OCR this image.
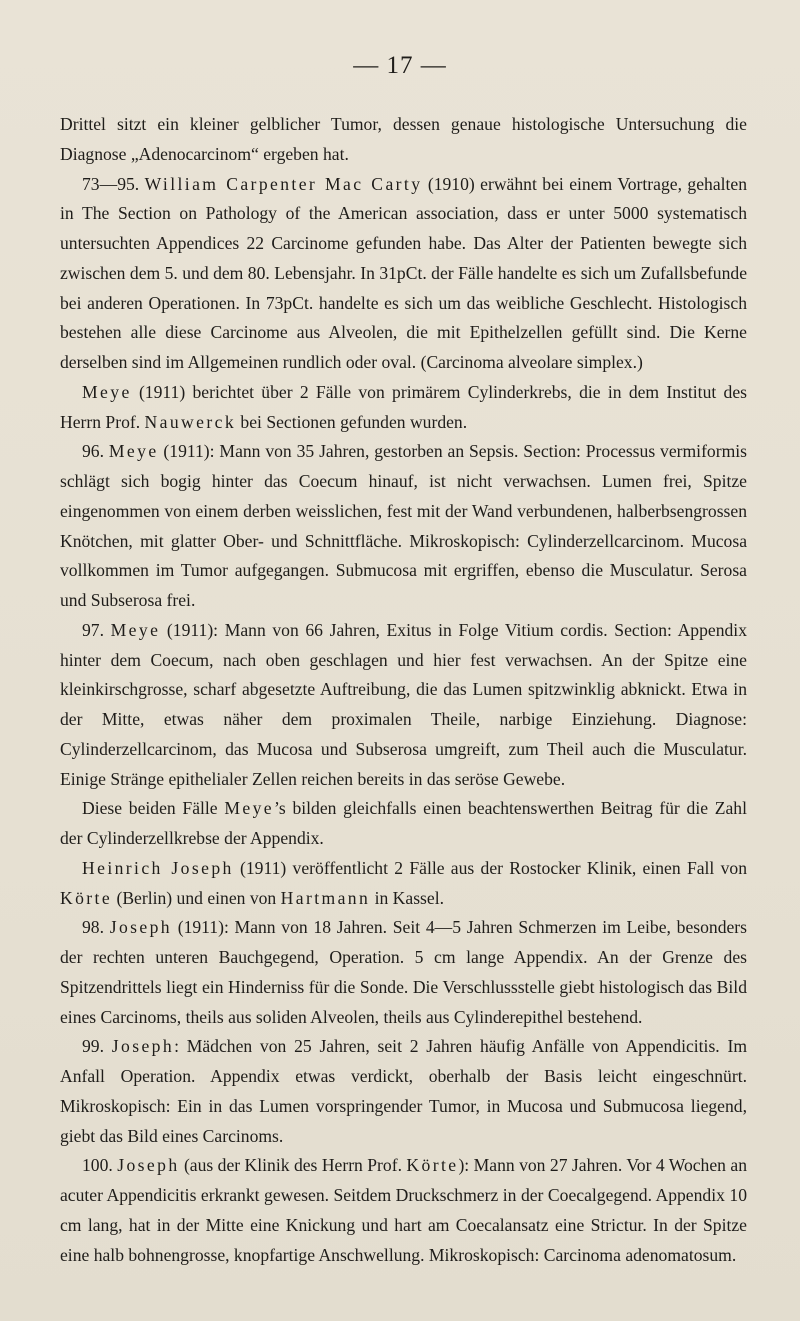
— 17 —

Drittel sitzt ein kleiner gelblicher Tumor, dessen genaue histologische Untersuchung die Diagnose „Adenocarcinom“ ergeben hat.

73—95. William Carpenter Mac Carty (1910) erwähnt bei einem Vortrage, gehalten in The Section on Pathology of the American association, dass er unter 5000 systematisch untersuchten Appendices 22 Carcinome gefunden habe. Das Alter der Patienten bewegte sich zwischen dem 5. und dem 80. Lebensjahr. In 31pCt. der Fälle handelte es sich um Zufallsbefunde bei anderen Operationen. In 73pCt. handelte es sich um das weibliche Geschlecht. Histologisch bestehen alle diese Carcinome aus Alveolen, die mit Epithelzellen gefüllt sind. Die Kerne derselben sind im Allgemeinen rundlich oder oval. (Carcinoma alveolare simplex.)

Meye (1911) berichtet über 2 Fälle von primärem Cylinderkrebs, die in dem Institut des Herrn Prof. Nauwerck bei Sectionen gefunden wurden.

96. Meye (1911): Mann von 35 Jahren, gestorben an Sepsis. Section: Processus vermiformis schlägt sich bogig hinter das Coecum hinauf, ist nicht verwachsen. Lumen frei, Spitze eingenommen von einem derben weisslichen, fest mit der Wand verbundenen, halberbsengrossen Knötchen, mit glatter Ober- und Schnittfläche. Mikroskopisch: Cylinderzellcarcinom. Mucosa vollkommen im Tumor aufgegangen. Submucosa mit ergriffen, ebenso die Musculatur. Serosa und Subserosa frei.

97. Meye (1911): Mann von 66 Jahren, Exitus in Folge Vitium cordis. Section: Appendix hinter dem Coecum, nach oben geschlagen und hier fest verwachsen. An der Spitze eine kleinkirschgrosse, scharf abgesetzte Auftreibung, die das Lumen spitzwinklig abknickt. Etwa in der Mitte, etwas näher dem proximalen Theile, narbige Einziehung. Diagnose: Cylinderzellcarcinom, das Mucosa und Subserosa umgreift, zum Theil auch die Musculatur. Einige Stränge epithelialer Zellen reichen bereits in das seröse Gewebe.

Diese beiden Fälle Meye’s bilden gleichfalls einen beachtenswerthen Beitrag für die Zahl der Cylinderzellkrebse der Appendix.

Heinrich Joseph (1911) veröffentlicht 2 Fälle aus der Rostocker Klinik, einen Fall von Körte (Berlin) und einen von Hartmann in Kassel.

98. Joseph (1911): Mann von 18 Jahren. Seit 4—5 Jahren Schmerzen im Leibe, besonders der rechten unteren Bauchgegend, Operation. 5 cm lange Appendix. An der Grenze des Spitzendrittels liegt ein Hinderniss für die Sonde. Die Verschlussstelle giebt histologisch das Bild eines Carcinoms, theils aus soliden Alveolen, theils aus Cylinderepithel bestehend.

99. Joseph: Mädchen von 25 Jahren, seit 2 Jahren häufig Anfälle von Appendicitis. Im Anfall Operation. Appendix etwas verdickt, oberhalb der Basis leicht eingeschnürt. Mikroskopisch: Ein in das Lumen vorspringender Tumor, in Mucosa und Submucosa liegend, giebt das Bild eines Carcinoms.

100. Joseph (aus der Klinik des Herrn Prof. Körte): Mann von 27 Jahren. Vor 4 Wochen an acuter Appendicitis erkrankt gewesen. Seitdem Druckschmerz in der Coecalgegend. Appendix 10 cm lang, hat in der Mitte eine Knickung und hart am Coecalansatz eine Strictur. In der Spitze eine halb bohnengrosse, knopfartige Anschwellung. Mikroskopisch: Carcinoma adenomatosum.
